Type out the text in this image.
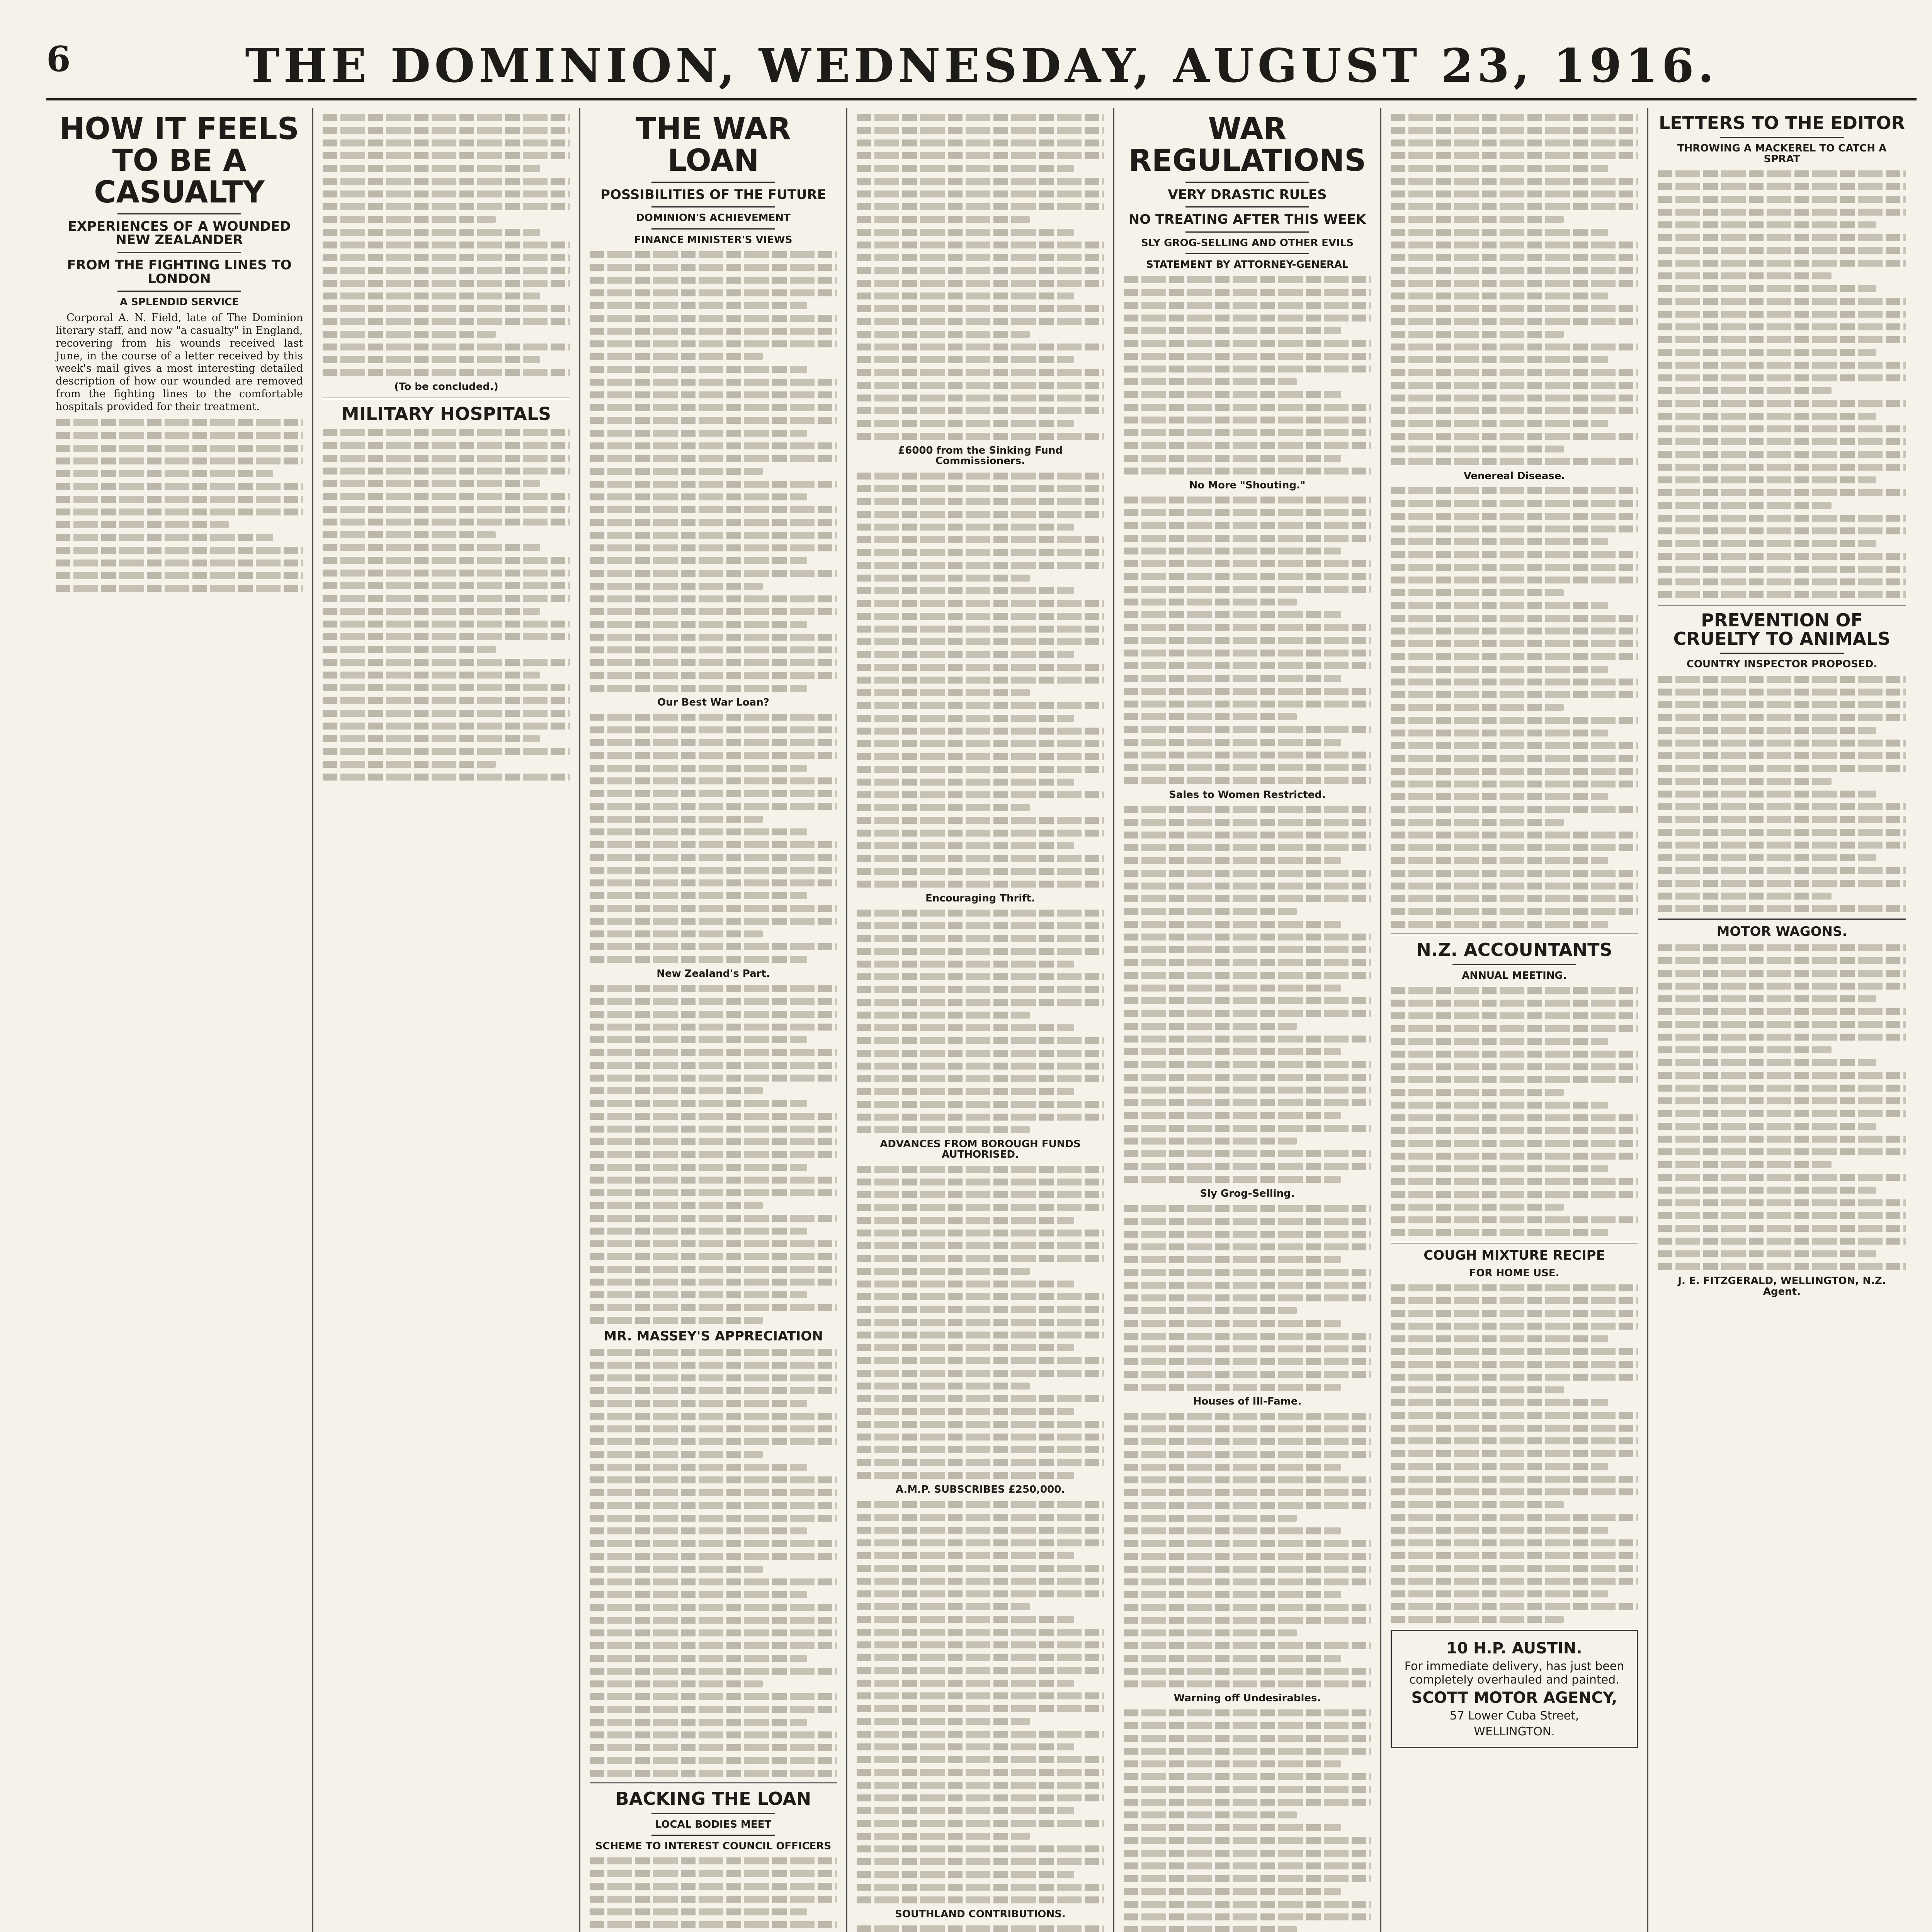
6	THE DOMINION, WEDNESDAY, AUGUST 23, 1916.
HOW IT FEELS TO BE A CASUALTY
EXPERIENCES OF A WOUNDED NEW ZEALANDER
FROM THE FIGHTING LINES TO LONDON
A SPLENDID SERVICE

Corporal A. N. Field, late of The Dominion literary staff, and now "a casualty" in England, recovering from his wounds received last June, in the course of a letter received by this week's mail gives a most interesting detailed description of how our wounded are removed from the fighting lines to the comfortable hospitals provided for their treatment.

(To be concluded.)
MILITARY HOSPITALS
THE WAR LOAN
POSSIBILITIES OF THE FUTURE
DOMINION'S ACHIEVEMENT
FINANCE MINISTER'S VIEWS
Our Best War Loan?
New Zealand's Part.
MR. MASSEY'S APPRECIATION
BACKING THE LOAN
LOCAL BODIES MEET
SCHEME TO INTEREST COUNCIL OFFICERS
£6000 from the Sinking Fund Commissioners.
Encouraging Thrift.
ADVANCES FROM BOROUGH FUNDS AUTHORISED.
A.M.P. SUBSCRIBES £250,000.
SOUTHLAND CONTRIBUTIONS.
WAR REGULATIONS
VERY DRASTIC RULES
NO TREATING AFTER THIS WEEK
SLY GROG-SELLING AND OTHER EVILS
STATEMENT BY ATTORNEY-GENERAL
No More "Shouting."
Sales to Women Restricted.
Sly Grog-Selling.
Houses of Ill-Fame.
Warning off Undesirables.
Venereal Disease.
N.Z. ACCOUNTANTS
ANNUAL MEETING.
COUGH MIXTURE RECIPE
FOR HOME USE.
10 H.P. AUSTIN.
For immediate delivery, has just been completely overhauled and painted.
SCOTT MOTOR AGENCY,
57 Lower Cuba Street,
WELLINGTON.
LETTERS TO THE EDITOR
THROWING A MACKEREL TO CATCH A SPRAT
PREVENTION OF CRUELTY TO ANIMALS
COUNTRY INSPECTOR PROPOSED.
MOTOR WAGONS.
J. E. FITZGERALD, WELLINGTON, N.Z. Agent.
